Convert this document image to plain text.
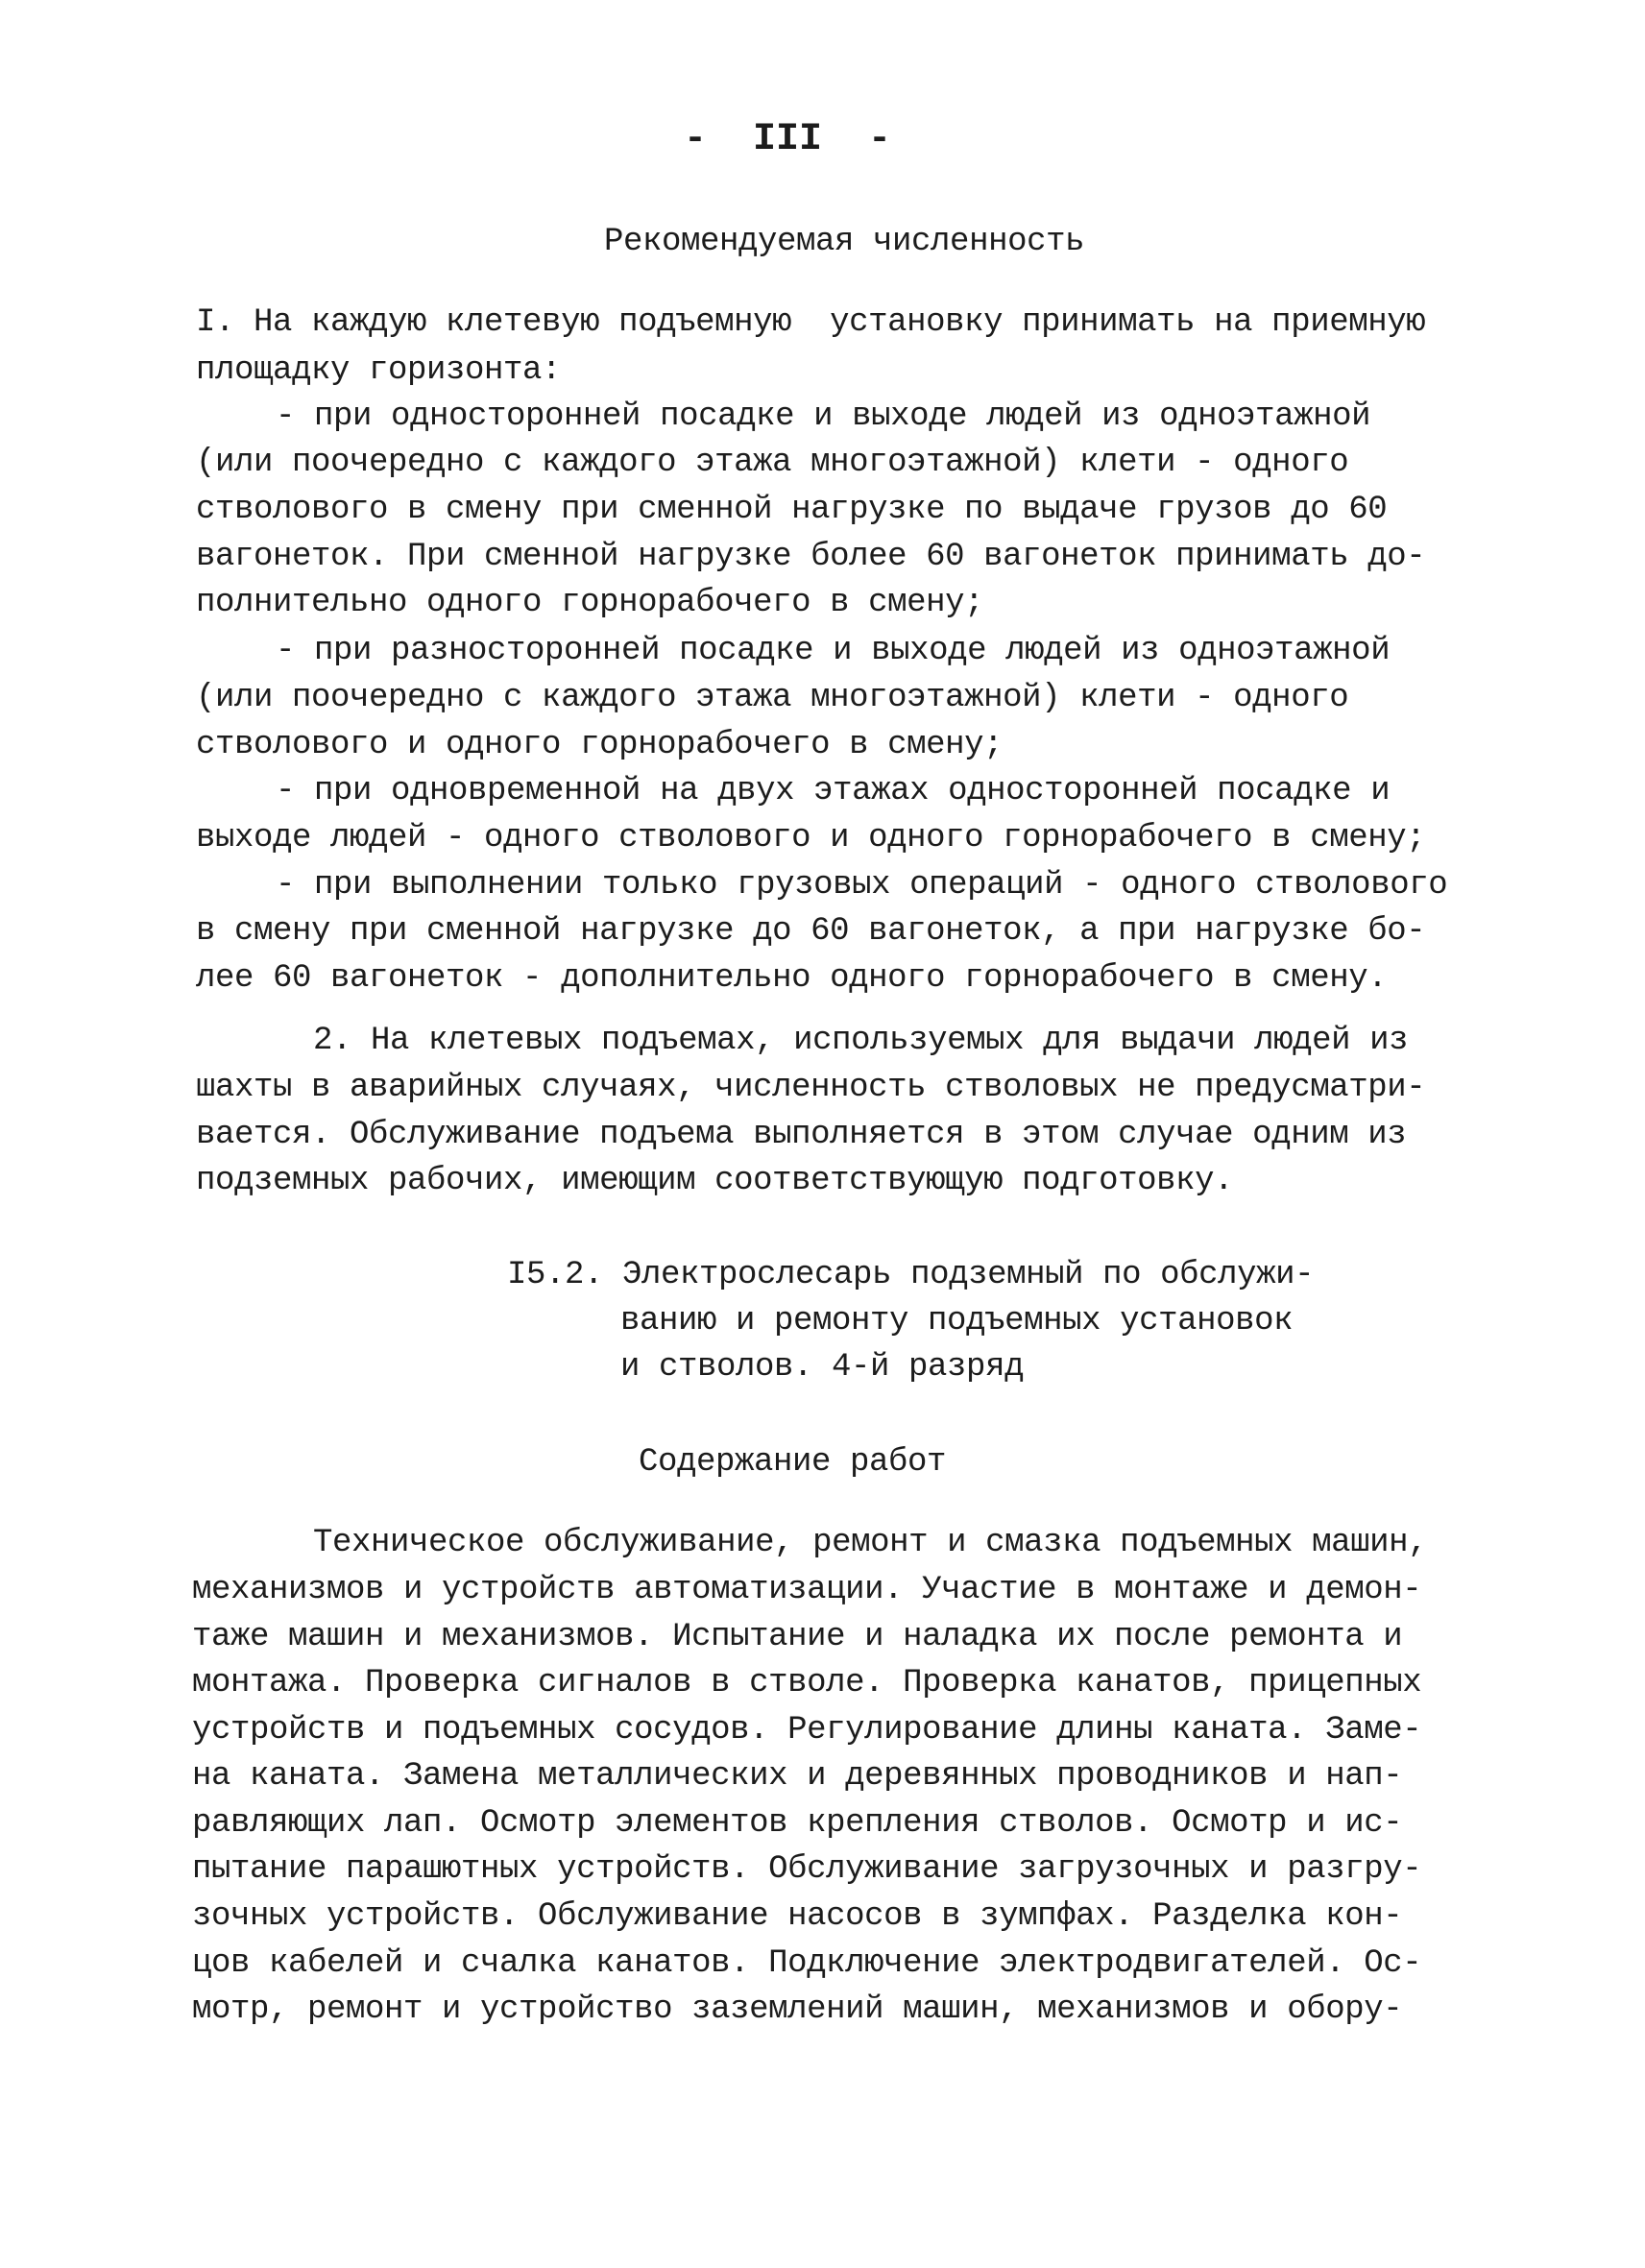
-  III  -
Рекомендуемая численность
I. На каждую клетевую подъемную  установку принимать на приемную
площадку горизонта:
- при односторонней посадке и выходе людей из одноэтажной
(или поочередно с каждого этажа многоэтажной) клети - одного
стволового в смену при сменной нагрузке по выдаче грузов до 60
вагонеток. При сменной нагрузке более 60 вагонеток принимать до-
полнительно одного горнорабочего в смену;
- при разносторонней посадке и выходе людей из одноэтажной
(или поочередно с каждого этажа многоэтажной) клети - одного
стволового и одного горнорабочего в смену;
- при одновременной на двух этажах односторонней посадке и
выходе людей - одного стволового и одного горнорабочего в смену;
- при выполнении только грузовых операций - одного стволового
в смену при сменной нагрузке до 60 вагонеток, а при нагрузке бо-
лее 60 вагонеток - дополнительно одного горнорабочего в смену.
2. На клетевых подъемах, используемых для выдачи людей из
шахты в аварийных случаях, численность стволовых не предусматри-
вается. Обслуживание подъема выполняется в этом случае одним из
подземных рабочих, имеющим соответствующую подготовку.
I5.2. Электрослесарь подземный по обслужи-
ванию и ремонту подъемных установок
и стволов. 4-й разряд
Содержание работ
Техническое обслуживание, ремонт и смазка подъемных машин,
механизмов и устройств автоматизации. Участие в монтаже и демон-
таже машин и механизмов. Испытание и наладка их после ремонта и
монтажа. Проверка сигналов в стволе. Проверка канатов, прицепных
устройств и подъемных сосудов. Регулирование длины каната. Заме-
на каната. Замена металлических и деревянных проводников и нап-
равляющих лап. Осмотр элементов крепления стволов. Осмотр и ис-
пытание парашютных устройств. Обслуживание загрузочных и разгру-
зочных устройств. Обслуживание насосов в зумпфах. Разделка кон-
цов кабелей и счалка канатов. Подключение электродвигателей. Ос-
мотр, ремонт и устройство заземлений машин, механизмов и обору-
